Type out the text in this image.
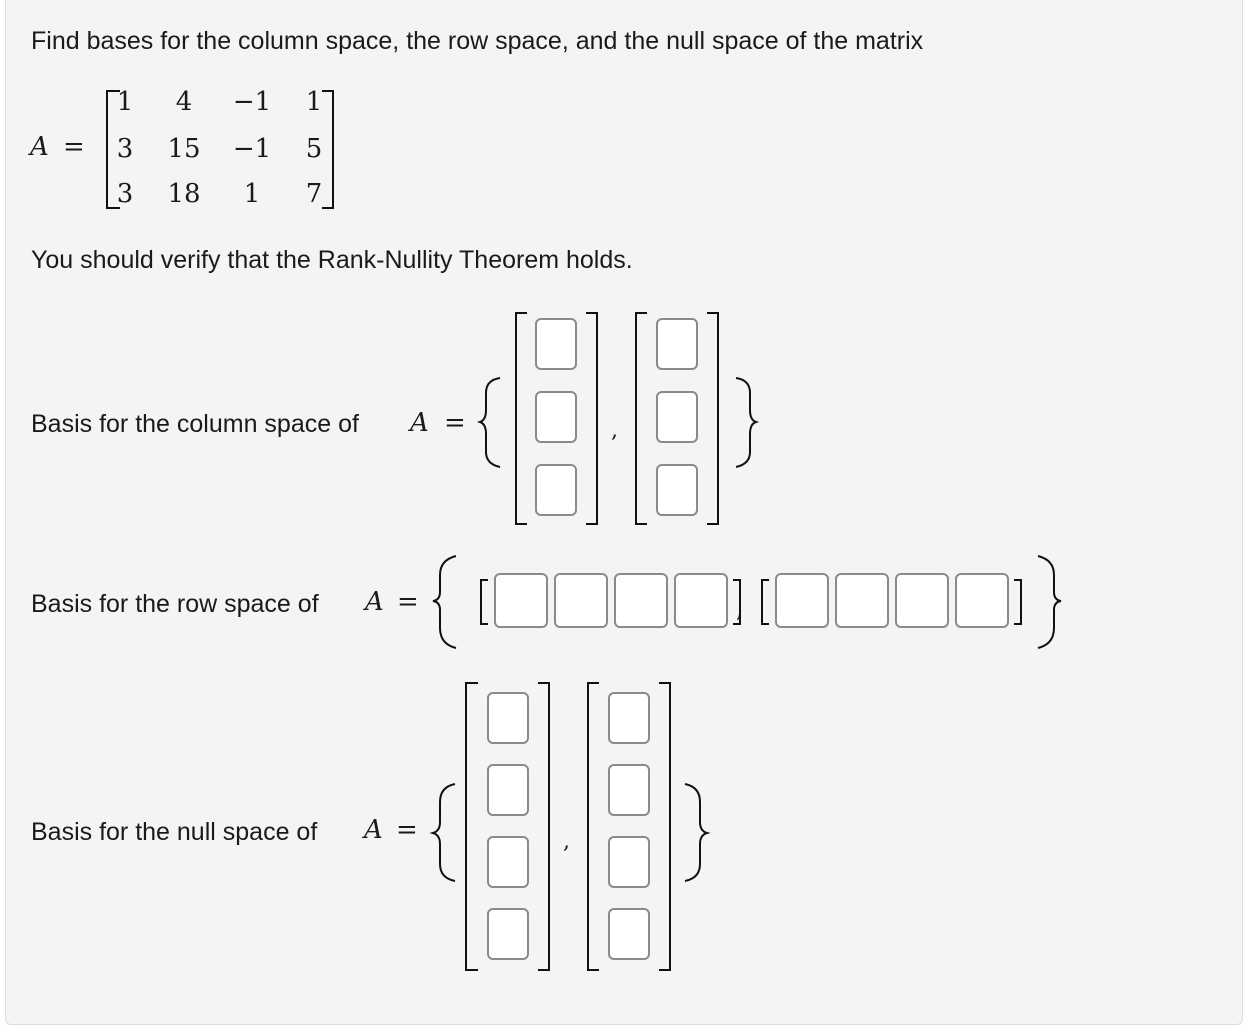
Find bases for the column space, the row space, and the null space of the matrix
A =
1	4	−1	1
3	15	−1	5
3	18	1	7
You should verify that the Rank-Nullity Theorem holds.
Basis for the column space of A =	,
Basis for the row space of A =	,
Basis for the null space of A =	,
